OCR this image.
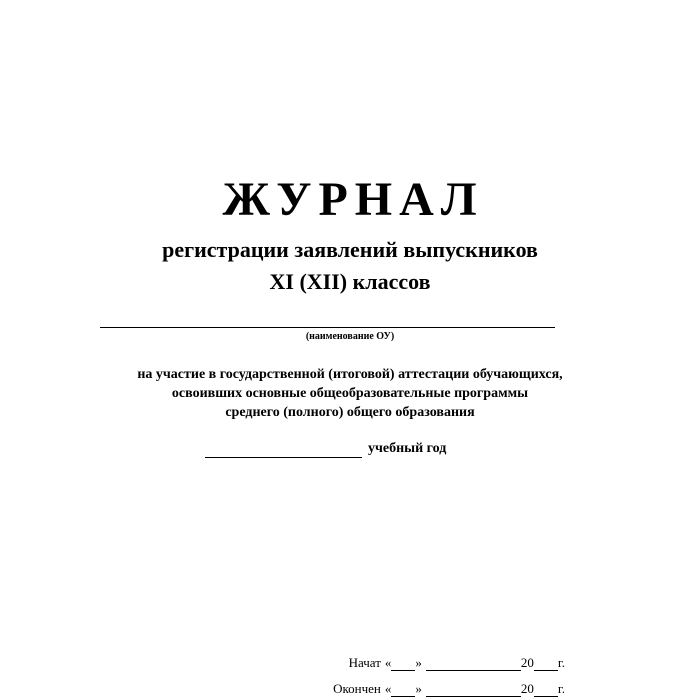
ЖУРНАЛ
регистрации заявлений выпускников
XI (XII) классов
(наименование ОУ)
на участие в государственной (итоговой) аттестации обучающихся,
освоивших основные общеобразовательные программы
среднего (полного) общего образования
учебный год
Начат « »	20 г.
Окончен « »	20 г.
